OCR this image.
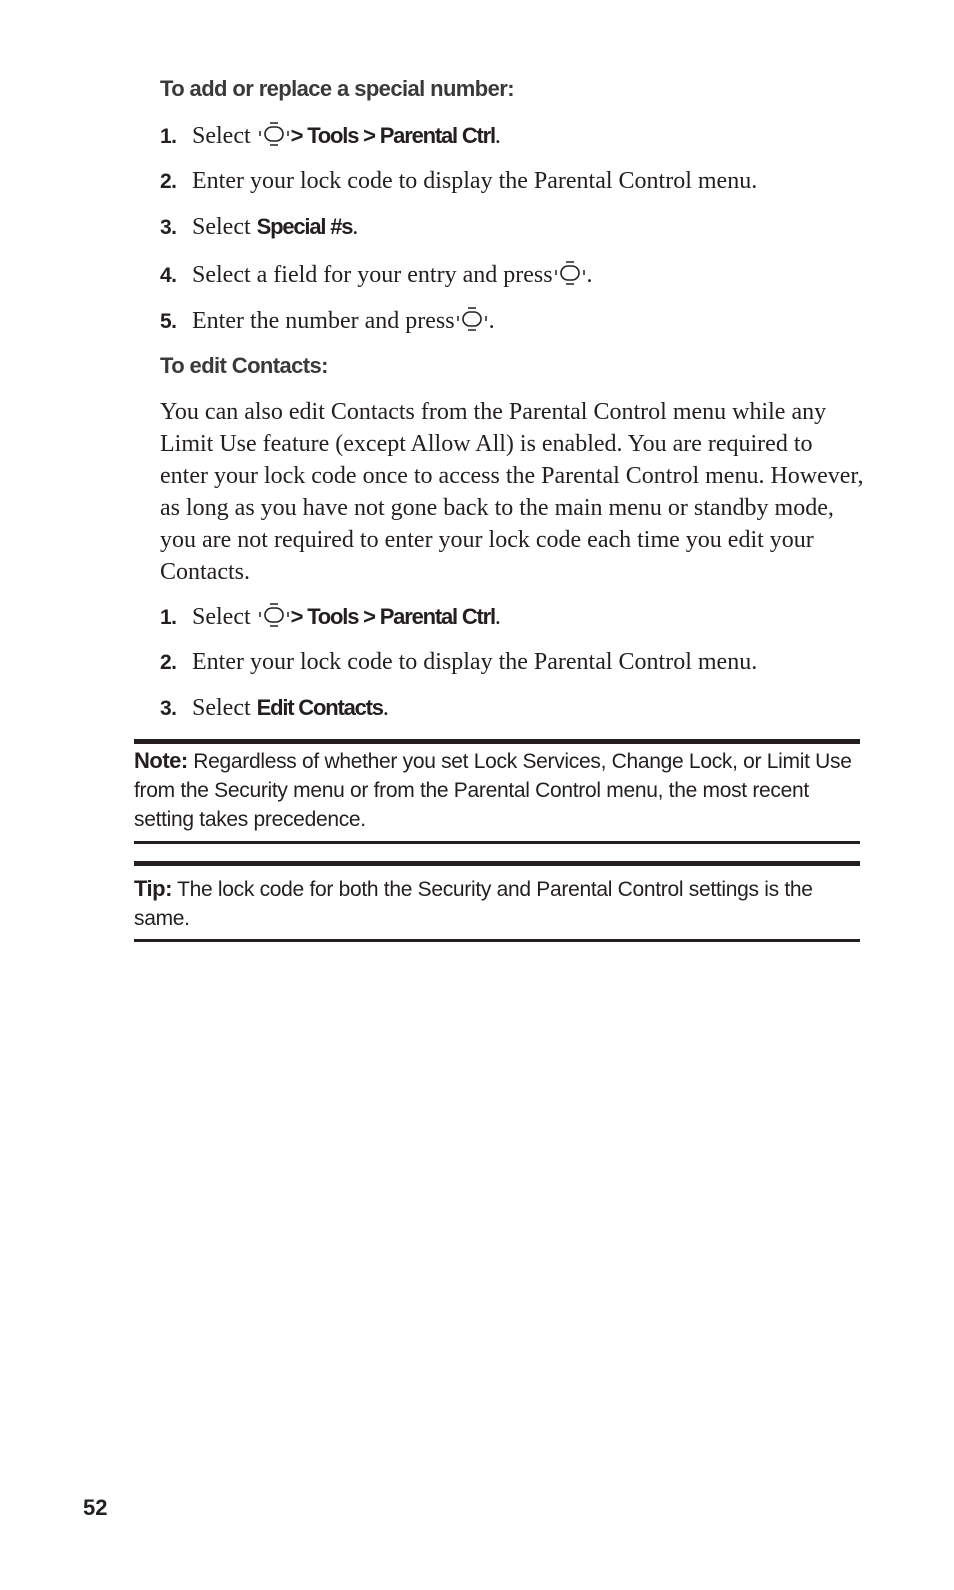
To add or replace a special number:
1. Select > Tools > Parental Ctrl.
2. Enter your lock code to display the Parental Control menu.
3. Select Special #s.
4. Select a field for your entry and press .
5. Enter the number and press .
To edit Contacts:

You can also edit Contacts from the Parental Control menu while any Limit Use feature (except Allow All) is enabled. You are required to enter your lock code once to access the Parental Control menu. However, as long as you have not gone back to the main menu or standby mode, you are not required to enter your lock code each time you edit your Contacts.

1. Select > Tools > Parental Ctrl.
2. Enter your lock code to display the Parental Control menu.
3. Select Edit Contacts.

Note: Regardless of whether you set Lock Services, Change Lock, or Limit Use from the Security menu or from the Parental Control menu, the most recent setting takes precedence.

Tip: The lock code for both the Security and Parental Control settings is the same.

52
